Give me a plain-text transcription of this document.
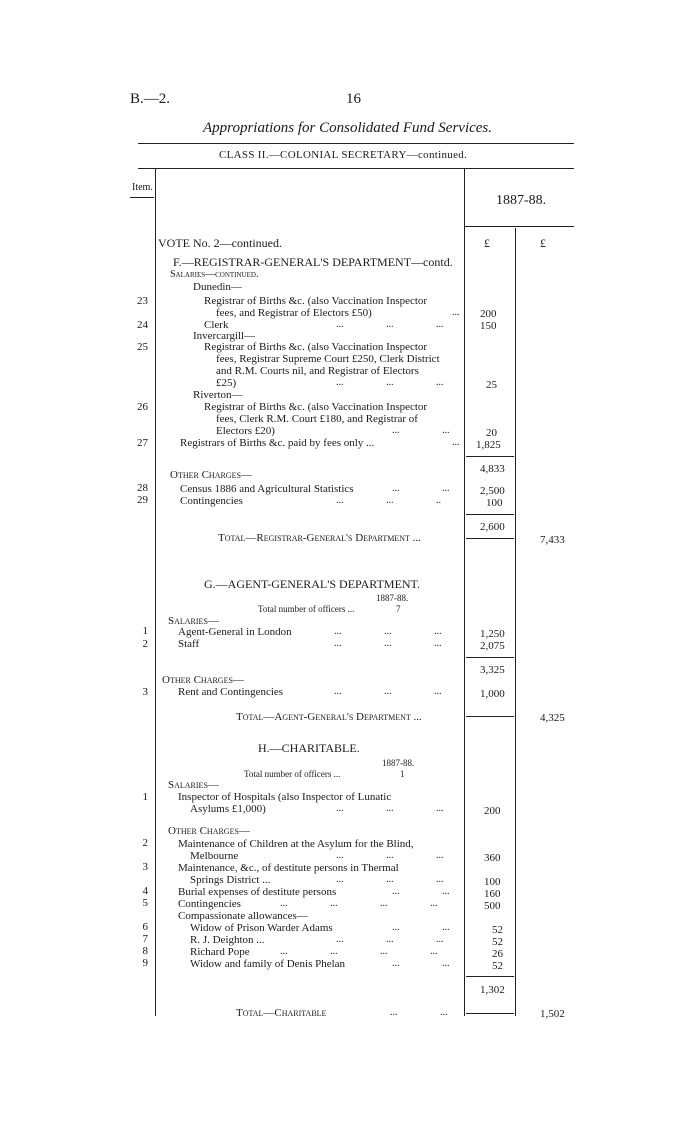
B.—2.	16
Appropriations for Consolidated Fund Services.
CLASS II.—COLONIAL SECRETARY—continued.
Item.
1887-88.
£	£
VOTE No. 2—continued.
F.—REGISTRAR-GENERAL'S DEPARTMENT—contd.
Salaries—continued.
Dunedin—
23	Registrar of Births &c. (also Vaccination Inspector
fees, and Registrar of Electors £50)	... 200
24	Clerk	... ... ...	150
Invercargill—
25	Registrar of Births &c. (also Vaccination Inspector
fees, Registrar Supreme Court £250, Clerk District
and R.M. Courts nil, and Registrar of Electors
£25)	... ... ...	25
Riverton—
26	Registrar of Births &c. (also Vaccination Inspector
fees, Clerk R.M. Court £180, and Registrar of
Electors £20)	... ...	20
27	Registrars of Births &c. paid by fees only ...	... 1,825
4,833
Other Charges—
28	Census 1886 and Agricultural Statistics	... ...	2,500
29	Contingencies	... ... ..	100
2,600
Total—Registrar-General's Department ...	7,433
G.—AGENT-GENERAL'S DEPARTMENT.
1887-88.
Total number of officers ...	7
Salaries—
1	Agent-General in London	... ... ...	1,250
2	Staff	... ... ...	2,075
3,325
Other Charges—
3	Rent and Contingencies	... ... ...	1,000
Total—Agent-General's Department ...	4,325
H.—CHARITABLE.
1887-88.
Total number of officers ...	1
Salaries—
1	Inspector of Hospitals (also Inspector of Lunatic
Asylums £1,000)	... ... ...	200
Other Charges—
2	Maintenance of Children at the Asylum for the Blind,
Melbourne	... ... ...	360
3	Maintenance, &c., of destitute persons in Thermal
Springs District ...	... ... ...	100
4	Burial expenses of destitute persons	... ...	160
5	Contingencies	... ... ... ...	500
Compassionate allowances—
6	Widow of Prison Warder Adams	... ...	52
7	R. J. Deighton ...	... ... ...	52
8	Richard Pope	... ... ... ...	26
9	Widow and family of Denis Phelan	... ...	52
1,302
Total—Charitable	... ...	1,502
